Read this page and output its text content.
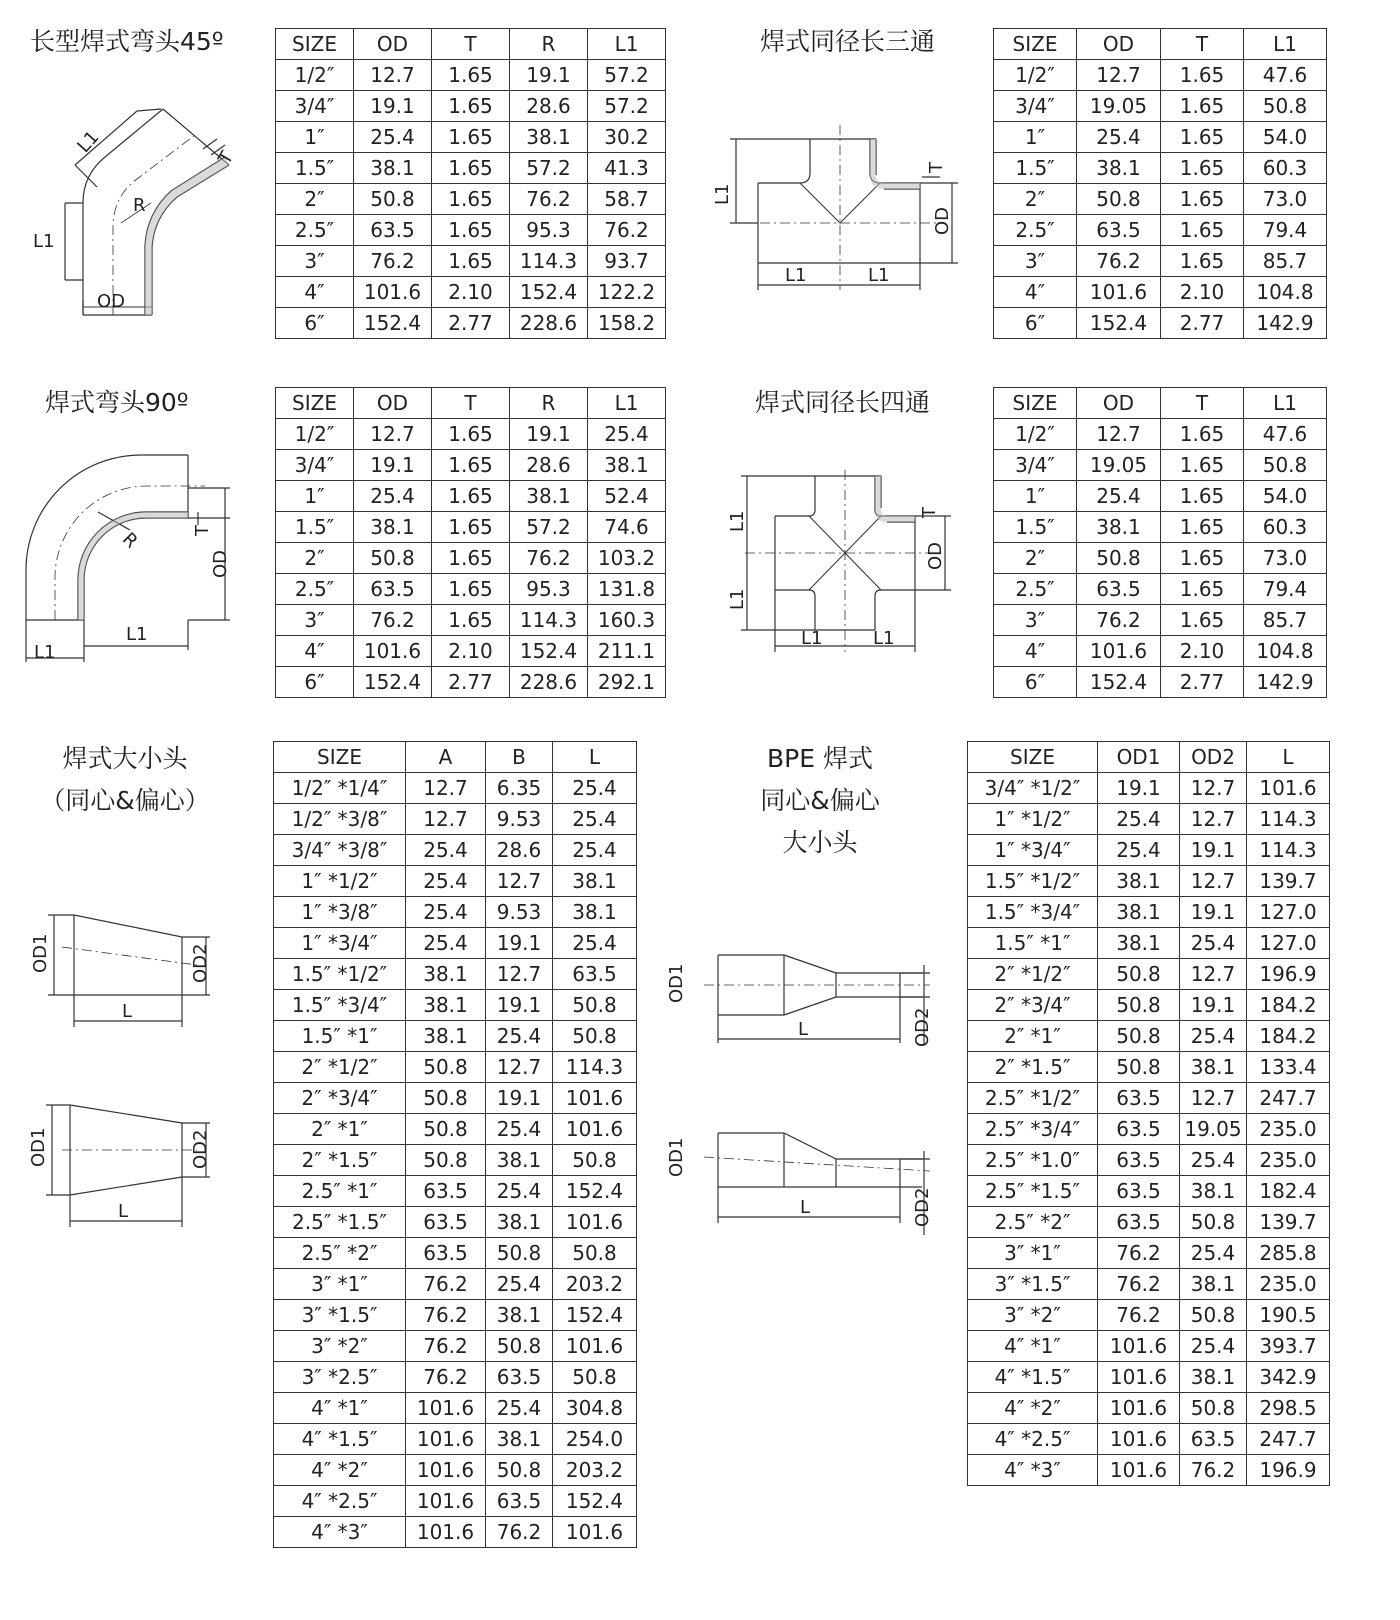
长型焊式弯头45º	焊式同径长三通
焊式弯头90º	焊式同径长四通
焊式大小头
（同心&偏心）
BPE 焊式
同心&偏心
大小头
SIZE	OD	T	R	L1
1/2″	12.7	1.65	19.1	57.2
3/4″	19.1	1.65	28.6	57.2
1″	25.4	1.65	38.1	30.2
1.5″	38.1	1.65	57.2	41.3
2″	50.8	1.65	76.2	58.7
2.5″	63.5	1.65	95.3	76.2
3″	76.2	1.65	114.3	93.7
4″	101.6	2.10	152.4	122.2
6″	152.4	2.77	228.6	158.2
SIZE	OD	T	L1
1/2″	12.7	1.65	47.6
3/4″	19.05	1.65	50.8
1″	25.4	1.65	54.0
1.5″	38.1	1.65	60.3
2″	50.8	1.65	73.0
2.5″	63.5	1.65	79.4
3″	76.2	1.65	85.7
4″	101.6	2.10	104.8
6″	152.4	2.77	142.9
SIZE	OD	T	R	L1
1/2″	12.7	1.65	19.1	25.4
3/4″	19.1	1.65	28.6	38.1
1″	25.4	1.65	38.1	52.4
1.5″	38.1	1.65	57.2	74.6
2″	50.8	1.65	76.2	103.2
2.5″	63.5	1.65	95.3	131.8
3″	76.2	1.65	114.3	160.3
4″	101.6	2.10	152.4	211.1
6″	152.4	2.77	228.6	292.1
SIZE	OD	T	L1
1/2″	12.7	1.65	47.6
3/4″	19.05	1.65	50.8
1″	25.4	1.65	54.0
1.5″	38.1	1.65	60.3
2″	50.8	1.65	73.0
2.5″	63.5	1.65	79.4
3″	76.2	1.65	85.7
4″	101.6	2.10	104.8
6″	152.4	2.77	142.9
SIZE	A	B	L
1/2″ *1/4″	12.7	6.35	25.4
1/2″ *3/8″	12.7	9.53	25.4
3/4″ *3/8″	25.4	28.6	25.4
1″ *1/2″	25.4	12.7	38.1
1″ *3/8″	25.4	9.53	38.1
1″ *3/4″	25.4	19.1	25.4
1.5″ *1/2″	38.1	12.7	63.5
1.5″ *3/4″	38.1	19.1	50.8
1.5″ *1″	38.1	25.4	50.8
2″ *1/2″	50.8	12.7	114.3
2″ *3/4″	50.8	19.1	101.6
2″ *1″	50.8	25.4	101.6
2″ *1.5″	50.8	38.1	50.8
2.5″ *1″	63.5	25.4	152.4
2.5″ *1.5″	63.5	38.1	101.6
2.5″ *2″	63.5	50.8	50.8
3″ *1″	76.2	25.4	203.2
3″ *1.5″	76.2	38.1	152.4
3″ *2″	76.2	50.8	101.6
3″ *2.5″	76.2	63.5	50.8
4″ *1″	101.6	25.4	304.8
4″ *1.5″	101.6	38.1	254.0
4″ *2″	101.6	50.8	203.2
4″ *2.5″	101.6	63.5	152.4
4″ *3″	101.6	76.2	101.6
SIZE	OD1	OD2	L
3/4″ *1/2″	19.1	12.7	101.6
1″ *1/2″	25.4	12.7	114.3
1″ *3/4″	25.4	19.1	114.3
1.5″ *1/2″	38.1	12.7	139.7
1.5″ *3/4″	38.1	19.1	127.0
1.5″ *1″	38.1	25.4	127.0
2″ *1/2″	50.8	12.7	196.9
2″ *3/4″	50.8	19.1	184.2
2″ *1″	50.8	25.4	184.2
2″ *1.5″	50.8	38.1	133.4
2.5″ *1/2″	63.5	12.7	247.7
2.5″ *3/4″	63.5	19.05	235.0
2.5″ *1.0″	63.5	25.4	235.0
2.5″ *1.5″	63.5	38.1	182.4
2.5″ *2″	63.5	50.8	139.7
3″ *1″	76.2	25.4	285.8
3″ *1.5″	76.2	38.1	235.0
3″ *2″	76.2	50.8	190.5
4″ *1″	101.6	25.4	393.7
4″ *1.5″	101.6	38.1	342.9
4″ *2″	101.6	50.8	298.5
4″ *2.5″	101.6	63.5	247.7
4″ *3″	101.6	76.2	196.9
L1
L1
R
T
OD
L1
L1	L1
T
OD
R	T
OD
L1
L1
L1
L1
L1	L1
T
OD
OD1	OD2
L
OD1	OD2
L
OD1
OD2
L
OD1
OD2
L
